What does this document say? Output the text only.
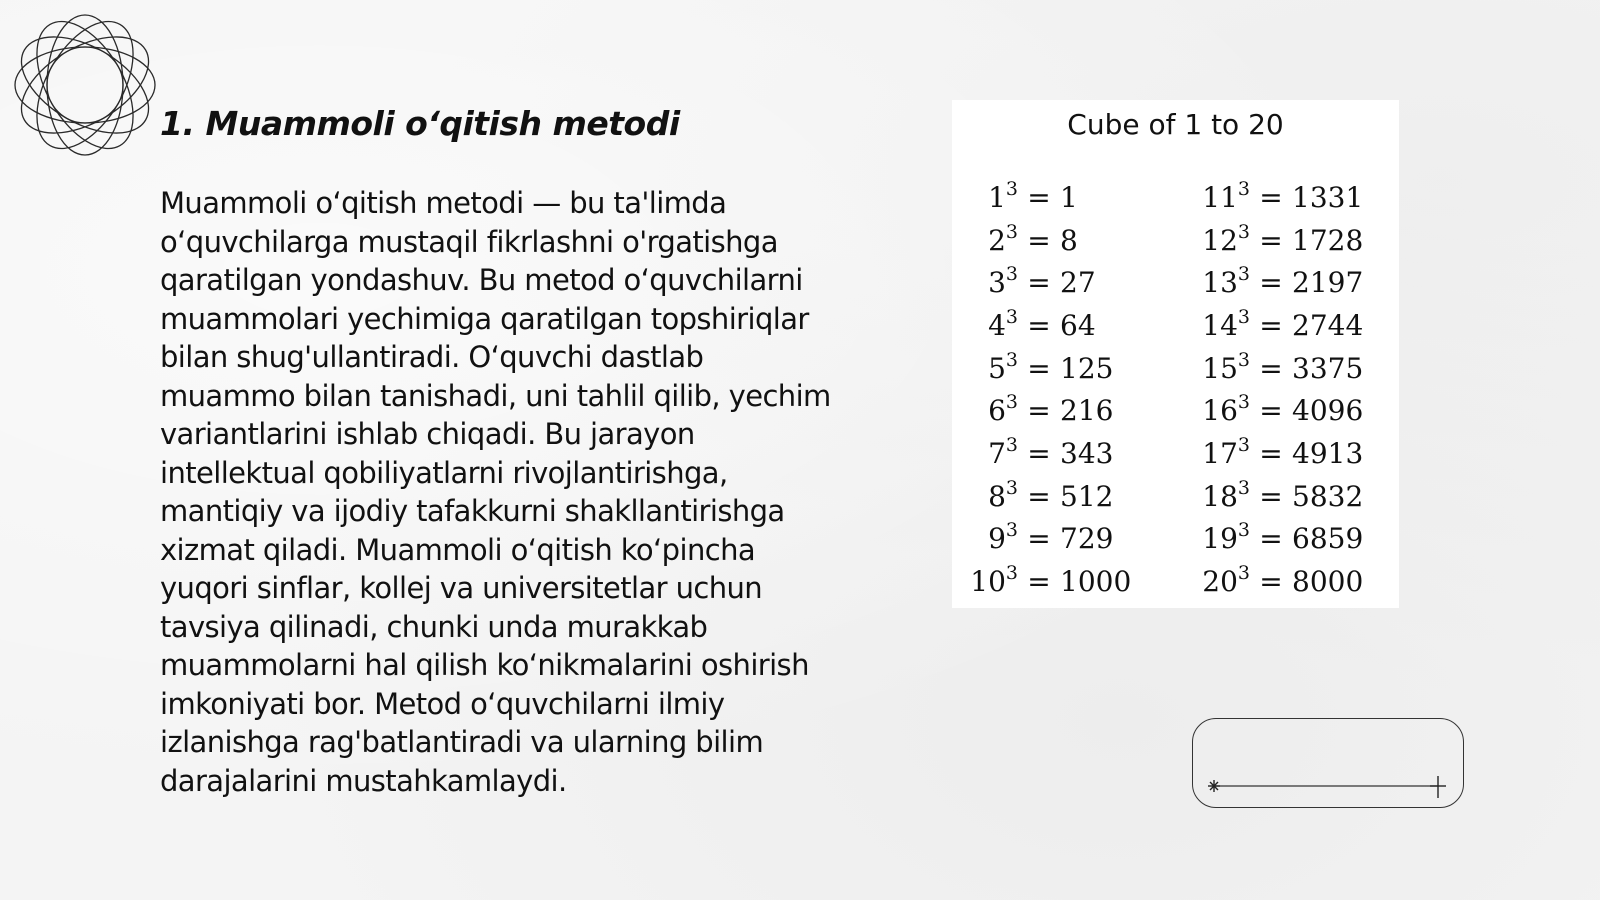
1. Muammoli o‘qitish metodi

Muammoli o‘qitish metodi — bu ta'limda o‘quvchilarga mustaqil fikrlashni o'rgatishga qaratilgan yondashuv. Bu metod o‘quvchilarni muammolari yechimiga qaratilgan topshiriqlar bilan shug'ullantiradi. O‘quvchi dastlab muammo bilan tanishadi, uni tahlil qilib, yechim variantlarini ishlab chiqadi. Bu jarayon intellektual qobiliyatlarni rivojlantirishga, mantiqiy va ijodiy tafakkurni shakllantirishga xizmat qiladi. Muammoli o‘qitish ko‘pincha yuqori sinflar, kollej va universitetlar uchun tavsiya qilinadi, chunki unda murakkab muammolarni hal qilish ko‘nikmalarini oshirish imkoniyati bor. Metod o‘quvchilarni ilmiy izlanishga rag'batlantiradi va ularning bilim darajalarini mustahkamlaydi.

Cube of 1 to 20
$1^3 = 1$
$2^3 = 8$
$3^3 = 27$
$4^3 = 64$
$5^3 = 125$
$6^3 = 216$
$7^3 = 343$
$8^3 = 512$
$9^3 = 729$
$10^3 = 1000$
$11^3 = 1331$
$12^3 = 1728$
$13^3 = 2197$
$14^3 = 2744$
$15^3 = 3375$
$16^3 = 4096$
$17^3 = 4913$
$18^3 = 5832$
$19^3 = 6859$
$20^3 = 8000$
